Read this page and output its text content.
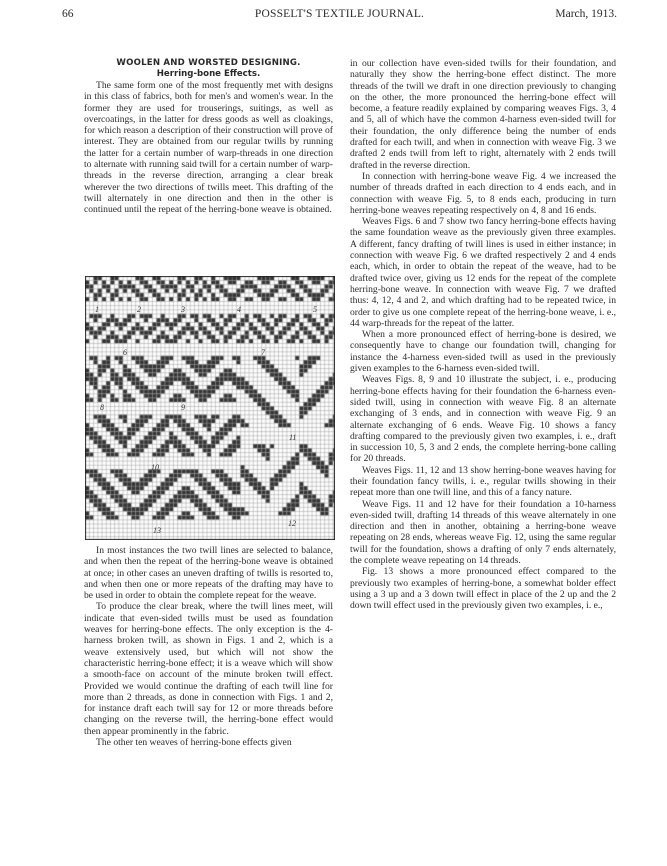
66	POSSELT'S TEXTILE JOURNAL.	March, 1913.
WOOLEN AND WORSTED DESIGNING.
Herring-bone Effects.

The same form one of the most frequently met with designs in this class of fabrics, both for men's and women's wear. In the former they are used for trouserings, suitings, as well as overcoatings, in the latter for dress goods as well as cloakings, for which reason a description of their construction will prove of interest. They are obtained from our regular twills by running the latter for a certain number of warp-threads in one direction to alternate with running said twill for a certain number of warp-threads in the reverse direction, arranging a clear break wherever the two directions of twills meet. This drafting of the twill alternately in one direction and then in the other is continued until the repeat of the herring-bone weave is obtained.

1	2	3	4	5
6	7
8	9
10
11
12
13

In most instances the two twill lines are selected to balance, and when then the repeat of the herring-bone weave is obtained at once; in other cases an uneven drafting of twills is resorted to, and when then one or more repeats of the drafting may have to be used in order to obtain the complete repeat for the weave.

To produce the clear break, where the twill lines meet, will indicate that even-sided twills must be used as foundation weaves for herring-bone effects. The only exception is the 4-harness broken twill, as shown in Figs. 1 and 2, which is a weave extensively used, but which will not show the characteristic herring-bone effect; it is a weave which will show a smooth-face on account of the minute broken twill effect. Provided we would continue the drafting of each twill line for more than 2 threads, as done in connection with Figs. 1 and 2, for instance draft each twill say for 12 or more threads before changing on the reverse twill, the herring-bone effect would then appear prominently in the fabric.

The other ten weaves of herring-bone effects given

in our collection have even-sided twills for their foundation, and naturally they show the herring-bone effect distinct. The more threads of the twill we draft in one direction previously to changing on the other, the more pronounced the herring-bone effect will become, a feature readily explained by comparing weaves Figs. 3, 4 and 5, all of which have the common 4-harness even-sided twill for their foundation, the only difference being the number of ends drafted for each twill, and when in connection with weave Fig. 3 we drafted 2 ends twill from left to right, alternately with 2 ends twill drafted in the reverse direction.

In connection with herring-bone weave Fig. 4 we increased the number of threads drafted in each direction to 4 ends each, and in connection with weave Fig. 5, to 8 ends each, producing in turn herring-bone weaves repeating respectively on 4, 8 and 16 ends.

Weaves Figs. 6 and 7 show two fancy herring-bone effects having the same foundation weave as the previously given three examples. A different, fancy drafting of twill lines is used in either instance; in connection with weave Fig. 6 we drafted respectively 2 and 4 ends each, which, in order to obtain the repeat of the weave, had to be drafted twice over, giving us 12 ends for the repeat of the complete herring-bone weave. In connection with weave Fig. 7 we drafted thus: 4, 12, 4 and 2, and which drafting had to be repeated twice, in order to give us one complete repeat of the herring-bone weave, i. e., 44 warp-threads for the repeat of the latter.

When a more pronounced effect of herring-bone is desired, we consequently have to change our foundation twill, changing for instance the 4-harness even-sided twill as used in the previously given examples to the 6-harness even-sided twill.

Weaves Figs. 8, 9 and 10 illustrate the subject, i. e., producing herring-bone effects having for their foundation the 6-harness even-sided twill, using in connection with weave Fig. 8 an alternate exchanging of 3 ends, and in connection with weave Fig. 9 an alternate exchanging of 6 ends. Weave Fig. 10 shows a fancy drafting compared to the previously given two examples, i. e., draft in succession 10, 5, 3 and 2 ends, the complete herring-bone calling for 20 threads.

Weaves Figs. 11, 12 and 13 show herring-bone weaves having for their foundation fancy twills, i. e., regular twills showing in their repeat more than one twill line, and this of a fancy nature.

Weave Figs. 11 and 12 have for their foundation a 10-harness even-sided twill, drafting 14 threads of this weave alternately in one direction and then in another, obtaining a herring-bone weave repeating on 28 ends, whereas weave Fig. 12, using the same regular twill for the foundation, shows a drafting of only 7 ends alternately, the complete weave repeating on 14 threads.

Fig. 13 shows a more pronounced effect compared to the previously two examples of herring-bone, a somewhat bolder effect using a 3 up and a 3 down twill effect in place of the 2 up and the 2 down twill effect used in the previously given two examples, i. e.,
